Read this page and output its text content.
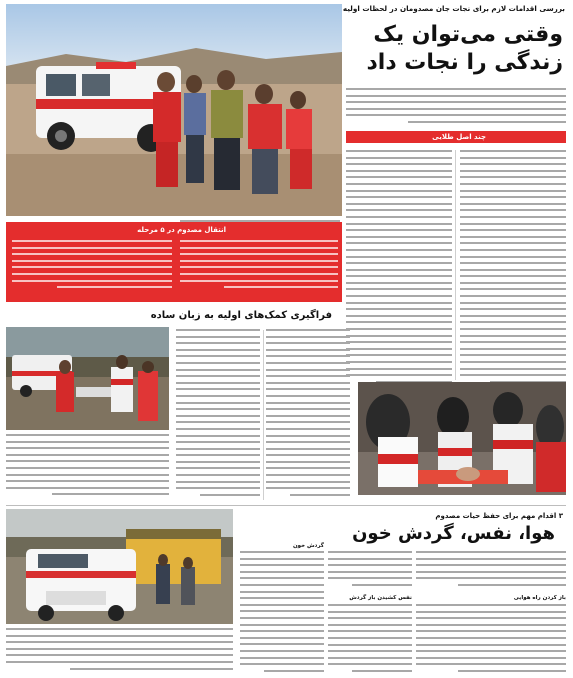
بررسی اقدامات لازم برای نجات جان مصدومان در لحظات اولیه
وقتی می‌توان یک
زندگی را نجات داد
چند اصل طلایی
انتقال مصدوم در ۵ مرحله
فراگیری کمک‌های اولیه به زبان ساده
۳ اقدام مهم برای حفظ حیات مصدوم
هوا، نفس، گردش خون
گردش خون
نفس کشیدن باز گردش	باز کردن راه هوایی
